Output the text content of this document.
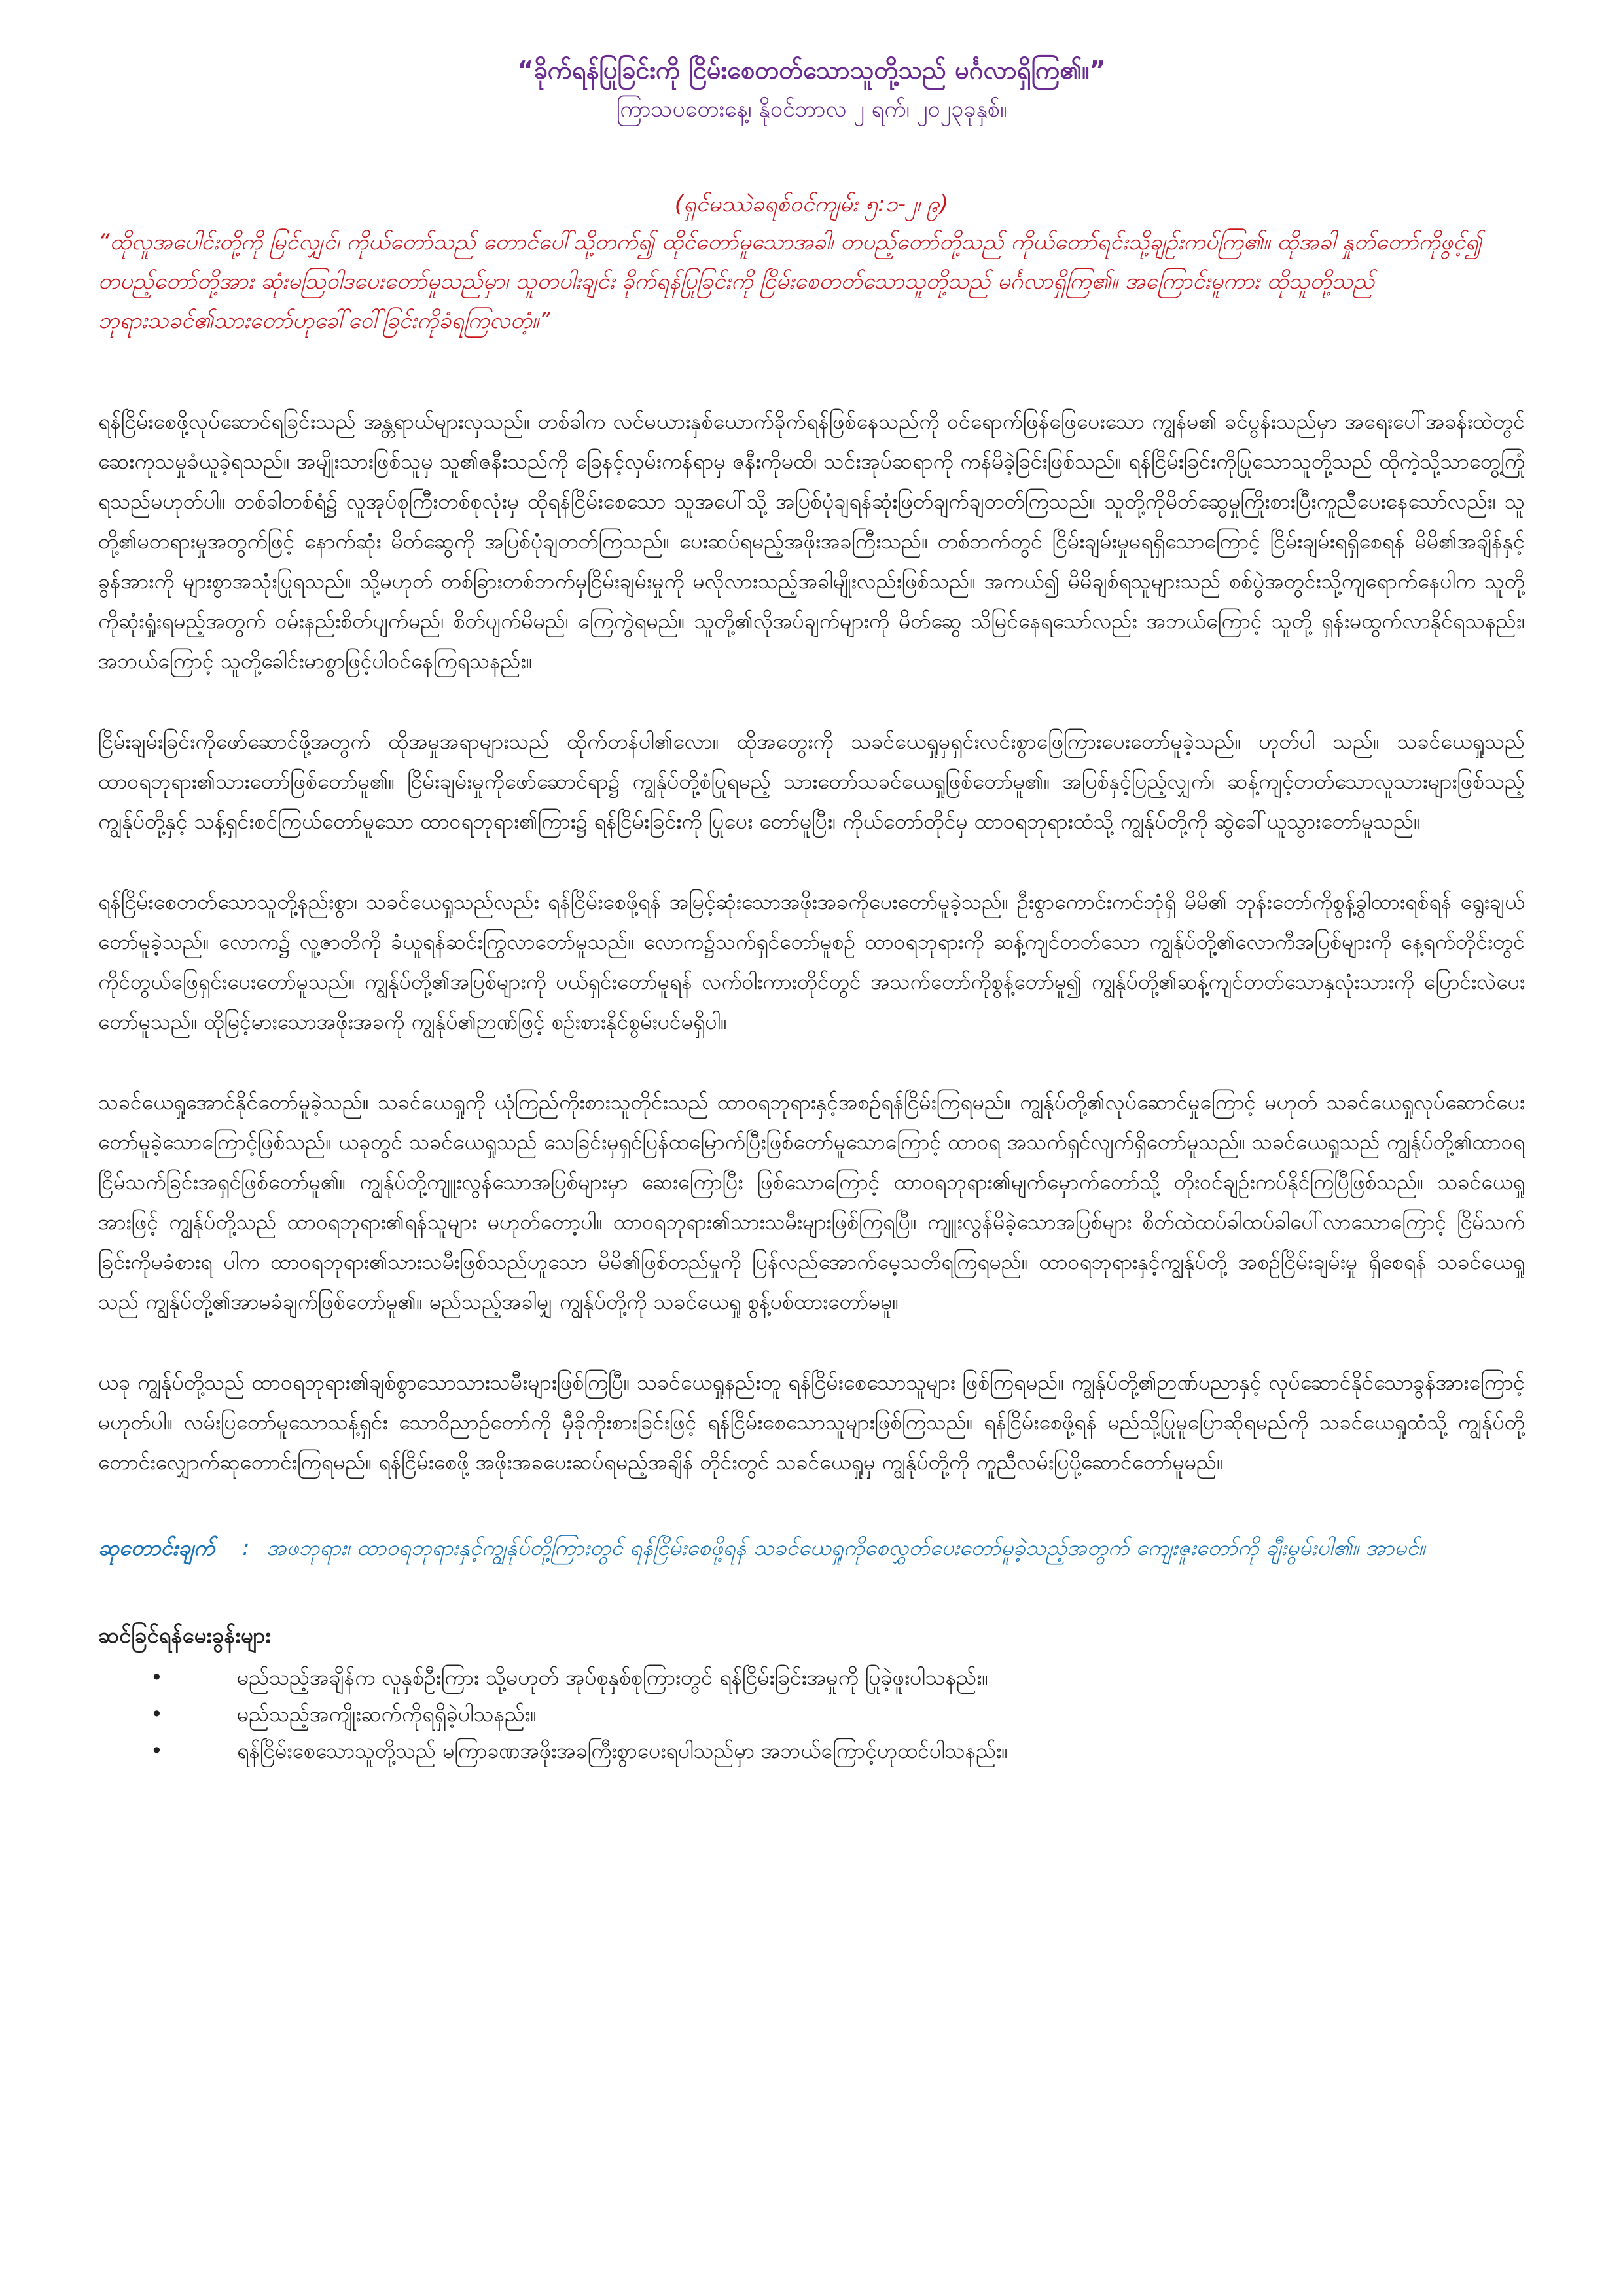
“ခိုက်ရန်ပြုခြင်းကို ငြိမ်းစေတတ်သောသူတို့သည် မင်္ဂလာရှိကြ၏။”

ကြာသပတေးနေ့၊ နိုဝင်ဘာလ ၂ ရက်၊ ၂၀၂၃ခုနှစ်။

(ရှင်မဿဲခရစ်ဝင်ကျမ်း ၅:၁-၂၊ ၉)

“ထိုလူအပေါင်းတို့ကို မြင်လျှင်၊ ကိုယ်တော်သည် တောင်ပေါ်သို့တက်၍ ထိုင်တော်မူသောအခါ၊ တပည့်တော်တို့သည် ကိုယ်တော်ရင်းသို့ချဉ်းကပ်ကြ၏။ ထိုအခါ နှုတ်တော်ကိုဖွင့်၍ တပည့်တော်တို့အား ဆုံးမဩဝါဒပေးတော်မူသည်မှာ၊ သူတပါးချင်း ခိုက်ရန်ပြုခြင်းကို ငြိမ်းစေတတ်သောသူတို့သည် မင်္ဂလာရှိကြ၏။ အကြောင်းမူကား ထိုသူတို့သည် ဘုရားသခင်၏သားတော်ဟုခေါ်ဝေါ်ခြင်းကိုခံရကြလတံ့။”

ရန်ငြိမ်းစေဖို့လုပ်ဆောင်ရခြင်းသည် အန္တရာယ်များလှသည်။ တစ်ခါက လင်မယားနှစ်ယောက်ခိုက်ရန်ဖြစ်နေသည်ကို ဝင်ရောက်ဖြန်ဖြေပေးသော ကျွန်မ၏ ခင်ပွန်းသည်မှာ အရေးပေါ်အခန်းထဲတွင် ဆေးကုသမှုခံယူခဲ့ရသည်။ အမျိုးသားဖြစ်သူမှ သူ၏ဇနီးသည်ကို ခြေနင့်လှမ်းကန်ရာမှ ဇနီးကိုမထိ၊ သင်းအုပ်ဆရာကို ကန်မိခဲ့ခြင်းဖြစ်သည်။ ရန်ငြိမ်းခြင်းကိုပြုသောသူတို့သည် ထိုကဲ့သို့သာတွေ့ကြုံရသည်မဟုတ်ပါ။ တစ်ခါတစ်ရံ၌ လူအုပ်စုကြီးတစ်စုလုံးမှ ထိုရန်ငြိမ်းစေသော သူအပေါ်သို့ အပြစ်ပုံချရန်ဆုံးဖြတ်ချက်ချတတ်ကြသည်။ သူတို့ကိုမိတ်ဆွေမှုကြိုးစားပြီးကူညီပေးနေသော်လည်း၊ သူတို့၏မတရားမှုအတွက်ဖြင့် နောက်ဆုံး မိတ်ဆွေကို အပြစ်ပုံချတတ်ကြသည်။ ပေးဆပ်ရမည့်အဖိုးအခကြီးသည်။ တစ်ဘက်တွင် ငြိမ်းချမ်းမှုမရရှိသောကြောင့် ငြိမ်းချမ်းရရှိစေရန် မိမိ၏အချိန်နှင့် ခွန်အားကို များစွာအသုံးပြုရသည်။ သို့မဟုတ် တစ်ခြားတစ်ဘက်မှငြိမ်းချမ်းမှုကို မလိုလားသည့်အခါမျိုးလည်းဖြစ်သည်။ အကယ်၍ မိမိချစ်ရသူများသည် စစ်ပွဲအတွင်းသို့ကျရောက်နေပါက သူတို့ကိုဆုံးရှုံးရမည့်အတွက် ဝမ်းနည်းစိတ်ပျက်မည်၊ စိတ်ပျက်မိမည်၊ ကြေကွဲရမည်။ သူတို့၏လိုအပ်ချက်များကို မိတ်ဆွေ သိမြင်နေရသော်လည်း အဘယ်ကြောင့် သူတို့ ရှန်းမထွက်လာနိုင်ရသနည်း၊ အဘယ်ကြောင့် သူတို့ခေါင်းမာစွာဖြင့်ပါဝင်နေကြရသနည်း။

ငြိမ်းချမ်းခြင်းကိုဖော်ဆောင်ဖို့အတွက် ထိုအမှုအရာများသည် ထိုက်တန်ပါ၏လော။ ထိုအတွေးကို သခင်ယေရှုမှရှင်းလင်းစွာဖြေကြားပေးတော်မူခဲ့သည်။ ဟုတ်ပါ သည်။ သခင်ယေရှုသည် ထာဝရဘုရား၏သားတော်ဖြစ်တော်မူ၏။ ငြိမ်းချမ်းမှုကိုဖော်ဆောင်ရာ၌ ကျွန်ုပ်တို့စံပြုရမည့် သားတော်သခင်ယေရှုဖြစ်တော်မူ၏။ အပြစ်နှင့်ပြည့်လျှက်၊ ဆန့်ကျင့်တတ်သောလူသားများဖြစ်သည့်ကျွန်ုပ်တို့နှင့် သန့်ရှင်းစင်ကြယ်တော်မူသော ထာဝရဘုရား၏ကြား၌ ရန်ငြိမ်းခြင်းကို ပြုပေး တော်မူပြီး၊ ကိုယ်တော်တိုင်မှ ထာဝရဘုရားထံသို့ ကျွန်ုပ်တို့ကို ဆွဲခေါ်ယူသွားတော်မူသည်။

ရန်ငြိမ်းစေတတ်သောသူတို့နည်းစွာ၊ သခင်ယေရှုသည်လည်း ရန်ငြိမ်းစေဖို့ရန် အမြင့်ဆုံးသောအဖိုးအခကိုပေးတော်မူခဲ့သည်။ ဦးစွာကောင်းကင်ဘုံရှိ မိမိ၏ ဘုန်းတော်ကိုစွန့်ခွါထားရစ်ရန် ရွေးချယ်တော်မူခဲ့သည်။ လောက၌ လူ့ဇာတိကို ခံယူရန်ဆင်းကြွလာတော်မူသည်။ လောက၌သက်ရှင်တော်မူစဉ် ထာဝရဘုရားကို ဆန့်ကျင်တတ်သော ကျွန်ုပ်တို့၏လောကီအပြစ်များကို နေ့ရက်တိုင်းတွင် ကိုင်တွယ်ဖြေရှင်းပေးတော်မူသည်။ ကျွန်ုပ်တို့၏အပြစ်များကို ပယ်ရှင်းတော်မူရန် လက်ဝါးကားတိုင်တွင် အသက်တော်ကိုစွန့်တော်မူ၍ ကျွန်ုပ်တို့၏ဆန့်ကျင်တတ်သောနှလုံးသားကို ပြောင်းလဲပေးတော်မူသည်။ ထိုမြင့်မားသောအဖိုးအခကို ကျွန်ုပ်၏ဉာဏ်ဖြင့် စဉ်းစားနိုင်စွမ်းပင်မရှိပါ။

သခင်ယေရှုအောင်နိုင်တော်မူခဲ့သည်။ သခင်ယေရှုကို ယုံကြည်ကိုးစားသူတိုင်းသည် ထာဝရဘုရားနှင့်အစဉ်ရန်ငြိမ်းကြရမည်။ ကျွန်ုပ်တို့၏လုပ်ဆောင်မှုကြောင့် မဟုတ် သခင်ယေရှုလုပ်ဆောင်ပေးတော်မူခဲ့သောကြောင့်ဖြစ်သည်။ ယခုတွင် သခင်ယေရှုသည် သေခြင်းမှရှင်ပြန်ထမြောက်ပြီးဖြစ်တော်မူသောကြောင့် ထာဝရ အသက်ရှင်လျက်ရှိတော်မူသည်။ သခင်ယေရှုသည် ကျွန်ုပ်တို့၏ထာဝရငြိမ်သက်ခြင်းအရှင်ဖြစ်တော်မူ၏။ ကျွန်ုပ်တို့ကျူးလွန်သောအပြစ်များမှာ ဆေးကြောပြီး ဖြစ်သောကြောင့် ထာဝရဘုရား၏မျက်မှောက်တော်သို့ တိုးဝင်ချဉ်းကပ်နိုင်ကြပြီဖြစ်သည်။ သခင်ယေရှုအားဖြင့် ကျွန်ုပ်တို့သည် ထာဝရဘုရား၏ရန်သူများ မဟုတ်တော့ပါ။ ထာဝရဘုရား၏သားသမီးများဖြစ်ကြရပြီ။ ကျူးလွန်မိခဲ့သောအပြစ်များ စိတ်ထဲထပ်ခါထပ်ခါပေါ်လာသောကြောင့် ငြိမ်သက်ခြင်းကိုမခံစားရ ပါက ထာဝရဘုရား၏သားသမီးဖြစ်သည်ဟူသော မိမိ၏ဖြစ်တည်မှုကို ပြန်လည်အောက်မေ့သတိရကြရမည်။ ထာဝရဘုရားနှင့်ကျွန်ုပ်တို့ အစဉ်ငြိမ်းချမ်းမှု ရှိစေရန် သခင်ယေရှုသည် ကျွန်ုပ်တို့၏အာမခံချက်ဖြစ်တော်မူ၏။ မည်သည့်အခါမျှ ကျွန်ုပ်တို့ကို သခင်ယေရှု စွန့်ပစ်ထားတော်မမူ။

ယခု ကျွန်ုပ်တို့သည် ထာဝရဘုရား၏ချစ်စွာသောသားသမီးများဖြစ်ကြပြီ။ သခင်ယေရှုနည်းတူ ရန်ငြိမ်းစေသောသူများ ဖြစ်ကြရမည်။ ကျွန်ုပ်တို့၏ဉာဏ်ပညာနှင့် လုပ်ဆောင်နိုင်သောခွန်အားကြောင့်မဟုတ်ပါ။ လမ်းပြတော်မူသောသန့်ရှင်း သောဝိညာဉ်တော်ကို မှီခိုကိုးစားခြင်းဖြင့် ရန်ငြိမ်းစေသောသူများဖြစ်ကြသည်။ ရန်ငြိမ်းစေဖို့ရန် မည်သို့ပြုမူပြောဆိုရမည်ကို သခင်ယေရှုထံသို့ ကျွန်ုပ်တို့တောင်းလျှောက်ဆုတောင်းကြရမည်။ ရန်ငြိမ်းစေဖို့ အဖိုးအခပေးဆပ်ရမည့်အချိန် တိုင်းတွင် သခင်ယေရှုမှ ကျွန်ုပ်တို့ကို ကူညီလမ်းပြပို့ဆောင်တော်မူမည်။

ဆုတောင်းချက် : အဖဘုရား၊ ထာဝရဘုရားနှင့်ကျွန်ုပ်တို့ကြားတွင် ရန်ငြိမ်းစေဖို့ရန် သခင်ယေရှုကိုစေလွှတ်ပေးတော်မူခဲ့သည့်အတွက် ကျေးဇူးတော်ကို ချီးမွမ်းပါ၏။ အာမင်။

ဆင်ခြင်ရန်မေးခွန်းများ
•	မည်သည့်အချိန်က လူနှစ်ဦးကြား သို့မဟုတ် အုပ်စုနှစ်စုကြားတွင် ရန်ငြိမ်းခြင်းအမှုကို ပြုခဲ့ဖူးပါသနည်း။
•	မည်သည့်အကျိုးဆက်ကိုရရှိခဲ့ပါသနည်း။
•	ရန်ငြိမ်းစေသောသူတို့သည် မကြာခဏအဖိုးအခကြီးစွာပေးရပါသည်မှာ အဘယ်ကြောင့်ဟုထင်ပါသနည်း။
